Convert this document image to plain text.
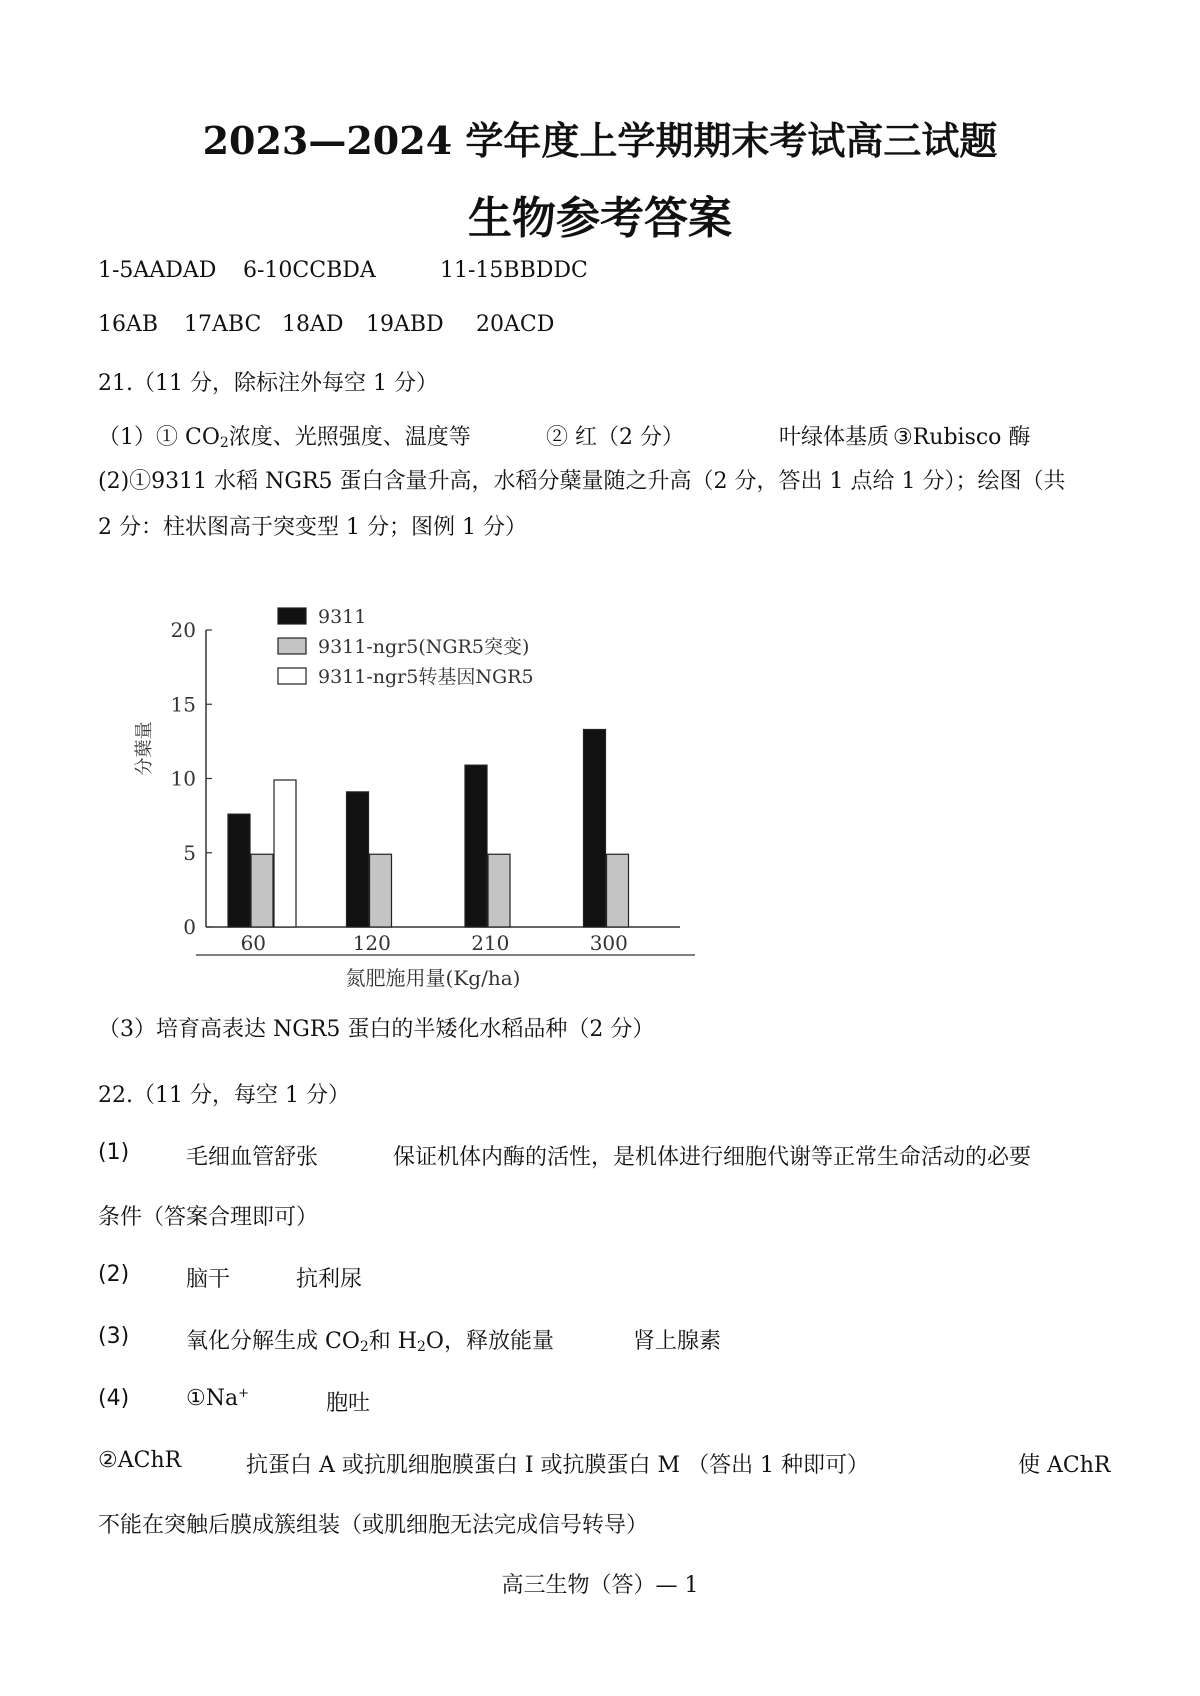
2023—2024 学年度上学期期末考试高三试题
生物参考答案
1-5AADAD 6-10CCBDA	11-15BBDDC
16AB 17ABC 18AD 19ABD 20ACD
21.（11 分，除标注外每空 1 分）
（1）① $CO_2$浓度、光照强度、温度等	② 红（2 分）	叶绿体基质 ③Rubisco 酶
(2)①9311 水稻 NGR5 蛋白含量升高，水稻分蘖量随之升高（2 分，答出 1 点给 1 分）；绘图（共
2 分：柱状图高于突变型 1 分；图例 1 分）
0
5
10
15
20
分蘖量
60	120	210	300
氮肥施用量(Kg/ha)
9311
9311-ngr5(NGR5突变)
9311-ngr5转基因NGR5
（3）培育高表达 NGR5 蛋白的半矮化水稻品种（2 分）
22.（11 分，每空 1 分）
(1)	毛细血管舒张	保证机体内酶的活性，是机体进行细胞代谢等正常生命活动的必要
条件（答案合理即可）
(2)	脑干	抗利尿
(3)	氧化分解生成 $CO_2$和 $H_2O$，释放能量	肾上腺素
(4)	①Na+	胞吐
②AChR	抗蛋白 A 或抗肌细胞膜蛋白 I 或抗膜蛋白 M （答出 1 种即可）	使 AChR
不能在突触后膜成簇组装（或肌细胞无法完成信号转导）
高三生物（答）— 1
